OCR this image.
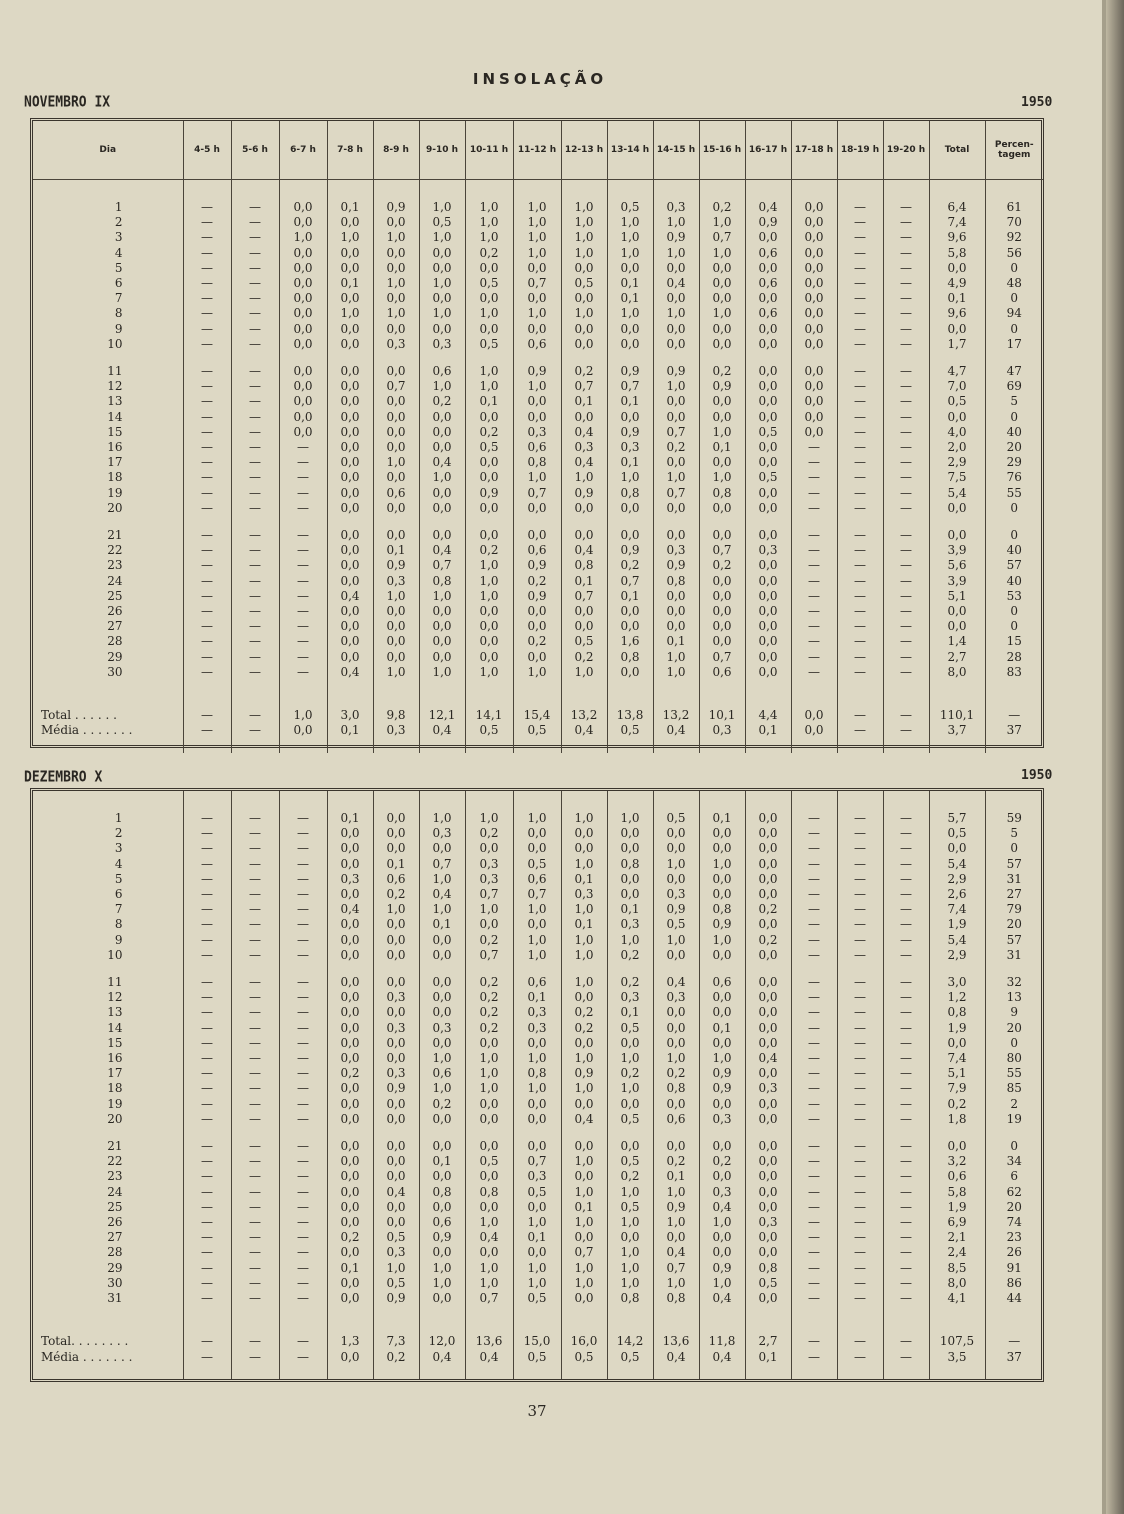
INSOLAÇÃO
NOVEMBRO IX	1950
Dia	4-5 h	5-6 h	6-7 h	7-8 h	8-9 h	9-10 h	10-11 h	11-12 h	12-13 h	13-14 h	14-15 h	15-16 h	16-17 h	17-18 h	18-19 h	19-20 h	Total	Percen-
tagem

1	—	—	0,0	0,1	0,9	1,0	1,0	1,0	1,0	0,5	0,3	0,2	0,4	0,0	—	—	6,4	61
2	—	—	0,0	0,0	0,0	0,5	1,0	1,0	1,0	1,0	1,0	1,0	0,9	0,0	—	—	7,4	70
3	—	—	1,0	1,0	1,0	1,0	1,0	1,0	1,0	1,0	0,9	0,7	0,0	0,0	—	—	9,6	92
4	—	—	0,0	0,0	0,0	0,0	0,2	1,0	1,0	1,0	1,0	1,0	0,6	0,0	—	—	5,8	56
5	—	—	0,0	0,0	0,0	0,0	0,0	0,0	0,0	0,0	0,0	0,0	0,0	0,0	—	—	0,0	0
6	—	—	0,0	0,1	1,0	1,0	0,5	0,7	0,5	0,1	0,4	0,0	0,6	0,0	—	—	4,9	48
7	—	—	0,0	0,0	0,0	0,0	0,0	0,0	0,0	0,1	0,0	0,0	0,0	0,0	—	—	0,1	0
8	—	—	0,0	1,0	1,0	1,0	1,0	1,0	1,0	1,0	1,0	1,0	0,6	0,0	—	—	9,6	94
9	—	—	0,0	0,0	0,0	0,0	0,0	0,0	0,0	0,0	0,0	0,0	0,0	0,0	—	—	0,0	0
10	—	—	0,0	0,0	0,3	0,3	0,5	0,6	0,0	0,0	0,0	0,0	0,0	0,0	—	—	1,7	17

11	—	—	0,0	0,0	0,0	0,6	1,0	0,9	0,2	0,9	0,9	0,2	0,0	0,0	—	—	4,7	47
12	—	—	0,0	0,0	0,7	1,0	1,0	1,0	0,7	0,7	1,0	0,9	0,0	0,0	—	—	7,0	69
13	—	—	0,0	0,0	0,0	0,2	0,1	0,0	0,1	0,1	0,0	0,0	0,0	0,0	—	—	0,5	5
14	—	—	0,0	0,0	0,0	0,0	0,0	0,0	0,0	0,0	0,0	0,0	0,0	0,0	—	—	0,0	0
15	—	—	0,0	0,0	0,0	0,0	0,2	0,3	0,4	0,9	0,7	1,0	0,5	0,0	—	—	4,0	40
16	—	—	—	0,0	0,0	0,0	0,5	0,6	0,3	0,3	0,2	0,1	0,0	—	—	—	2,0	20
17	—	—	—	0,0	1,0	0,4	0,0	0,8	0,4	0,1	0,0	0,0	0,0	—	—	—	2,9	29
18	—	—	—	0,0	0,0	1,0	0,0	1,0	1,0	1,0	1,0	1,0	0,5	—	—	—	7,5	76
19	—	—	—	0,0	0,6	0,0	0,9	0,7	0,9	0,8	0,7	0,8	0,0	—	—	—	5,4	55
20	—	—	—	0,0	0,0	0,0	0,0	0,0	0,0	0,0	0,0	0,0	0,0	—	—	—	0,0	0

21	—	—	—	0,0	0,0	0,0	0,0	0,0	0,0	0,0	0,0	0,0	0,0	—	—	—	0,0	0
22	—	—	—	0,0	0,1	0,4	0,2	0,6	0,4	0,9	0,3	0,7	0,3	—	—	—	3,9	40
23	—	—	—	0,0	0,9	0,7	1,0	0,9	0,8	0,2	0,9	0,2	0,0	—	—	—	5,6	57
24	—	—	—	0,0	0,3	0,8	1,0	0,2	0,1	0,7	0,8	0,0	0,0	—	—	—	3,9	40
25	—	—	—	0,4	1,0	1,0	1,0	0,9	0,7	0,1	0,0	0,0	0,0	—	—	—	5,1	53
26	—	—	—	0,0	0,0	0,0	0,0	0,0	0,0	0,0	0,0	0,0	0,0	—	—	—	0,0	0
27	—	—	—	0,0	0,0	0,0	0,0	0,0	0,0	0,0	0,0	0,0	0,0	—	—	—	0,0	0
28	—	—	—	0,0	0,0	0,0	0,0	0,2	0,5	1,6	0,1	0,0	0,0	—	—	—	1,4	15
29	—	—	—	0,0	0,0	0,0	0,0	0,0	0,2	0,8	1,0	0,7	0,0	—	—	—	2,7	28
30	—	—	—	0,4	1,0	1,0	1,0	1,0	1,0	0,0	1,0	0,6	0,0	—	—	—	8,0	83

Total . . . . . .	—	—	1,0	3,0	9,8	12,1	14,1	15,4	13,2	13,8	13,2	10,1	4,4	0,0	—	—	110,1	—
Média . . . . . . .	—	—	0,0	0,1	0,3	0,4	0,5	0,5	0,4	0,5	0,4	0,3	0,1	0,0	—	—	3,7	37

DEZEMBRO X	1950

1	—	—	—	0,1	0,0	1,0	1,0	1,0	1,0	1,0	0,5	0,1	0,0	—	—	—	5,7	59
2	—	—	—	0,0	0,0	0,3	0,2	0,0	0,0	0,0	0,0	0,0	0,0	—	—	—	0,5	5
3	—	—	—	0,0	0,0	0,0	0,0	0,0	0,0	0,0	0,0	0,0	0,0	—	—	—	0,0	0
4	—	—	—	0,0	0,1	0,7	0,3	0,5	1,0	0,8	1,0	1,0	0,0	—	—	—	5,4	57
5	—	—	—	0,3	0,6	1,0	0,3	0,6	0,1	0,0	0,0	0,0	0,0	—	—	—	2,9	31
6	—	—	—	0,0	0,2	0,4	0,7	0,7	0,3	0,0	0,3	0,0	0,0	—	—	—	2,6	27
7	—	—	—	0,4	1,0	1,0	1,0	1,0	1,0	0,1	0,9	0,8	0,2	—	—	—	7,4	79
8	—	—	—	0,0	0,0	0,1	0,0	0,0	0,1	0,3	0,5	0,9	0,0	—	—	—	1,9	20
9	—	—	—	0,0	0,0	0,0	0,2	1,0	1,0	1,0	1,0	1,0	0,2	—	—	—	5,4	57
10	—	—	—	0,0	0,0	0,0	0,7	1,0	1,0	0,2	0,0	0,0	0,0	—	—	—	2,9	31

11	—	—	—	0,0	0,0	0,0	0,2	0,6	1,0	0,2	0,4	0,6	0,0	—	—	—	3,0	32
12	—	—	—	0,0	0,3	0,0	0,2	0,1	0,0	0,3	0,3	0,0	0,0	—	—	—	1,2	13
13	—	—	—	0,0	0,0	0,0	0,2	0,3	0,2	0,1	0,0	0,0	0,0	—	—	—	0,8	9
14	—	—	—	0,0	0,3	0,3	0,2	0,3	0,2	0,5	0,0	0,1	0,0	—	—	—	1,9	20
15	—	—	—	0,0	0,0	0,0	0,0	0,0	0,0	0,0	0,0	0,0	0,0	—	—	—	0,0	0
16	—	—	—	0,0	0,0	1,0	1,0	1,0	1,0	1,0	1,0	1,0	0,4	—	—	—	7,4	80
17	—	—	—	0,2	0,3	0,6	1,0	0,8	0,9	0,2	0,2	0,9	0,0	—	—	—	5,1	55
18	—	—	—	0,0	0,9	1,0	1,0	1,0	1,0	1,0	0,8	0,9	0,3	—	—	—	7,9	85
19	—	—	—	0,0	0,0	0,2	0,0	0,0	0,0	0,0	0,0	0,0	0,0	—	—	—	0,2	2
20	—	—	—	0,0	0,0	0,0	0,0	0,0	0,4	0,5	0,6	0,3	0,0	—	—	—	1,8	19

21	—	—	—	0,0	0,0	0,0	0,0	0,0	0,0	0,0	0,0	0,0	0,0	—	—	—	0,0	0
22	—	—	—	0,0	0,0	0,1	0,5	0,7	1,0	0,5	0,2	0,2	0,0	—	—	—	3,2	34
23	—	—	—	0,0	0,0	0,0	0,0	0,3	0,0	0,2	0,1	0,0	0,0	—	—	—	0,6	6
24	—	—	—	0,0	0,4	0,8	0,8	0,5	1,0	1,0	1,0	0,3	0,0	—	—	—	5,8	62
25	—	—	—	0,0	0,0	0,0	0,0	0,0	0,1	0,5	0,9	0,4	0,0	—	—	—	1,9	20
26	—	—	—	0,0	0,0	0,6	1,0	1,0	1,0	1,0	1,0	1,0	0,3	—	—	—	6,9	74
27	—	—	—	0,2	0,5	0,9	0,4	0,1	0,0	0,0	0,0	0,0	0,0	—	—	—	2,1	23
28	—	—	—	0,0	0,3	0,0	0,0	0,0	0,7	1,0	0,4	0,0	0,0	—	—	—	2,4	26
29	—	—	—	0,1	1,0	1,0	1,0	1,0	1,0	1,0	0,7	0,9	0,8	—	—	—	8,5	91
30	—	—	—	0,0	0,5	1,0	1,0	1,0	1,0	1,0	1,0	1,0	0,5	—	—	—	8,0	86
31	—	—	—	0,0	0,9	0,0	0,7	0,5	0,0	0,8	0,8	0,4	0,0	—	—	—	4,1	44

Total. . . . . . . .	—	—	—	1,3	7,3	12,0	13,6	15,0	16,0	14,2	13,6	11,8	2,7	—	—	—	107,5	—
Média . . . . . . .	—	—	—	0,0	0,2	0,4	0,4	0,5	0,5	0,5	0,4	0,4	0,1	—	—	—	3,5	37

37
